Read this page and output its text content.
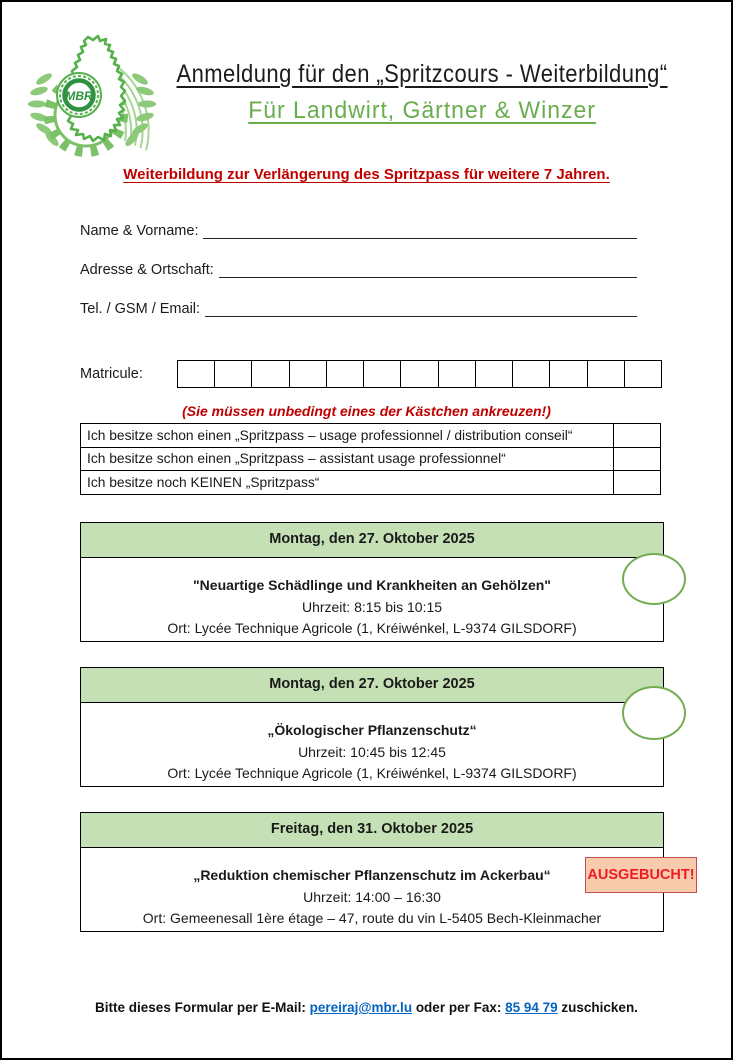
MBR
Anmeldung für den „Spritzcours - Weiterbildung“
Für Landwirt, Gärtner & Winzer
Weiterbildung zur Verlängerung des Spritzpass für weitere 7 Jahren.
Name & Vorname:
Adresse & Ortschaft:
Tel. / GSM / Email:
Matricule:
(Sie müssen unbedingt eines der Kästchen ankreuzen!)
Ich besitze schon einen „Spritzpass – usage professionnel / distribution conseil“
Ich besitze schon einen „Spritzpass – assistant usage professionnel“
Ich besitze noch KEINEN „Spritzpass“
Montag, den 27. Oktober 2025
"Neuartige Schädlinge und Krankheiten an Gehölzen"
Uhrzeit: 8:15 bis 10:15
Ort: Lycée Technique Agricole (1, Kréiwénkel, L-9374 GILSDORF)
Montag, den 27. Oktober 2025
„Ökologischer Pflanzenschutz“
Uhrzeit: 10:45 bis 12:45
Ort: Lycée Technique Agricole (1, Kréiwénkel, L-9374 GILSDORF)
Freitag, den 31. Oktober 2025
„Reduktion chemischer Pflanzenschutz im Ackerbau“
Uhrzeit: 14:00 – 16:30
Ort: Gemeenesall 1ère étage – 47, route du vin L-5405 Bech-Kleinmacher
AUSGEBUCHT!
Bitte dieses Formular per E-Mail: pereiraj@mbr.lu oder per Fax: 85 94 79 zuschicken.
